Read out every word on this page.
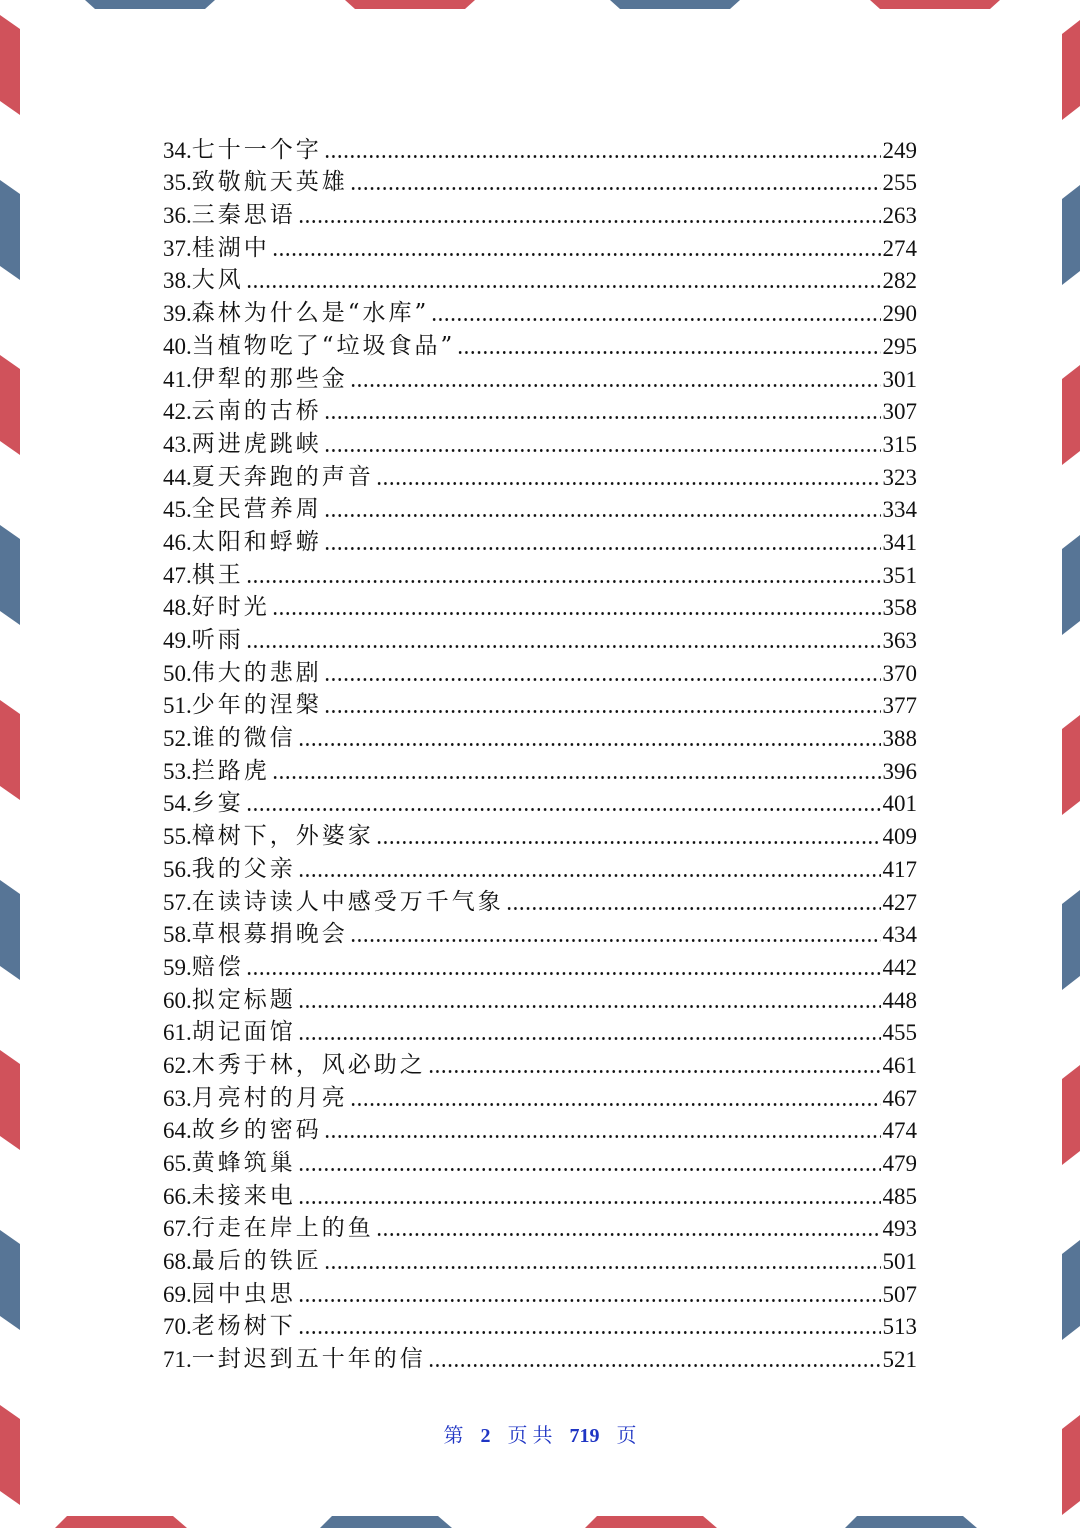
34. 七十一个字	249
35. 致敬航天英雄	255
36. 三秦思语	263
37. 桂湖中	274
38. 大风	282
39. 森林为什么是“水库”	290
40. 当植物吃了“垃圾食品”	295
41. 伊犁的那些金	301
42. 云南的古桥	307
43. 两进虎跳峡	315
44. 夏天奔跑的声音	323
45. 全民营养周	334
46. 太阳和蜉蝣	341
47. 棋王	351
48. 好时光	358
49. 听雨	363
50. 伟大的悲剧	370
51. 少年的涅槃	377
52. 谁的微信	388
53. 拦路虎	396
54. 乡宴	401
55. 樟树下，外婆家	409
56. 我的父亲	417
57. 在读诗读人中感受万千气象	427
58. 草根募捐晚会	434
59. 赔偿	442
60. 拟定标题	448
61. 胡记面馆	455
62. 木秀于林，风必助之	461
63. 月亮村的月亮	467
64. 故乡的密码	474
65. 黄蜂筑巢	479
66. 未接来电	485
67. 行走在岸上的鱼	493
68. 最后的铁匠	501
69. 园中虫思	507
70. 老杨树下	513
71. 一封迟到五十年的信	521
第 2 页 共 719 页
